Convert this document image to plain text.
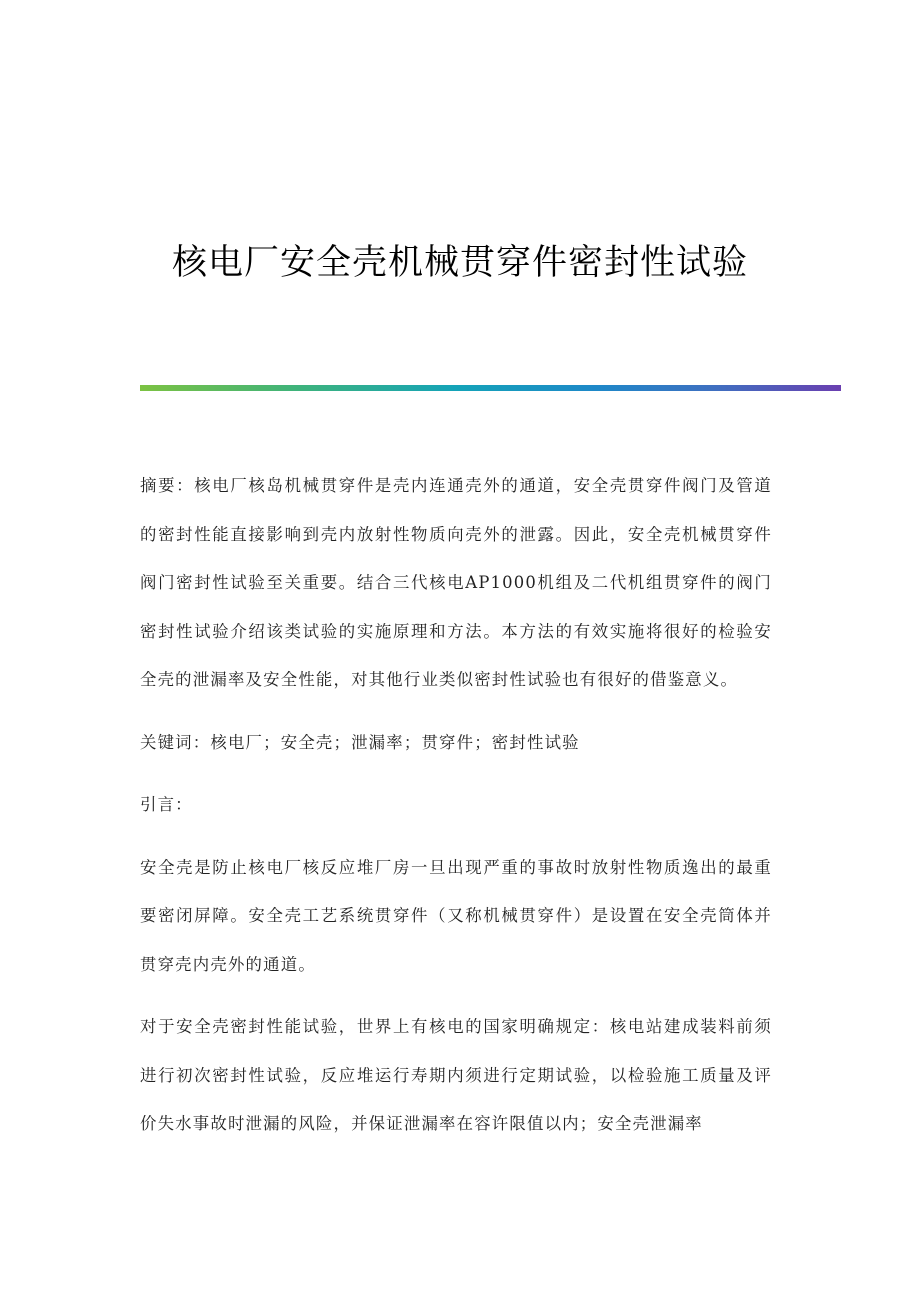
核电厂安全壳机械贯穿件密封性试验

摘要：核电厂核岛机械贯穿件是壳内连通壳外的通道，安全壳贯穿件阀门及管道的密封性能直接影响到壳内放射性物质向壳外的泄露。因此，安全壳机械贯穿件阀门密封性试验至关重要。结合三代核电AP1000机组及二代机组贯穿件的阀门密封性试验介绍该类试验的实施原理和方法。本方法的有效实施将很好的检验安全壳的泄漏率及安全性能，对其他行业类似密封性试验也有很好的借鉴意义。

关键词：核电厂；安全壳；泄漏率；贯穿件；密封性试验

引言：

安全壳是防止核电厂核反应堆厂房一旦出现严重的事故时放射性物质逸出的最重要密闭屏障。安全壳工艺系统贯穿件（又称机械贯穿件）是设置在安全壳筒体并贯穿壳内壳外的通道。

对于安全壳密封性能试验，世界上有核电的国家明确规定：核电站建成装料前须进行初次密封性试验，反应堆运行寿期内须进行定期试验，以检验施工质量及评价失水事故时泄漏的风险，并保证泄漏率在容许限值以内；安全壳泄漏率
